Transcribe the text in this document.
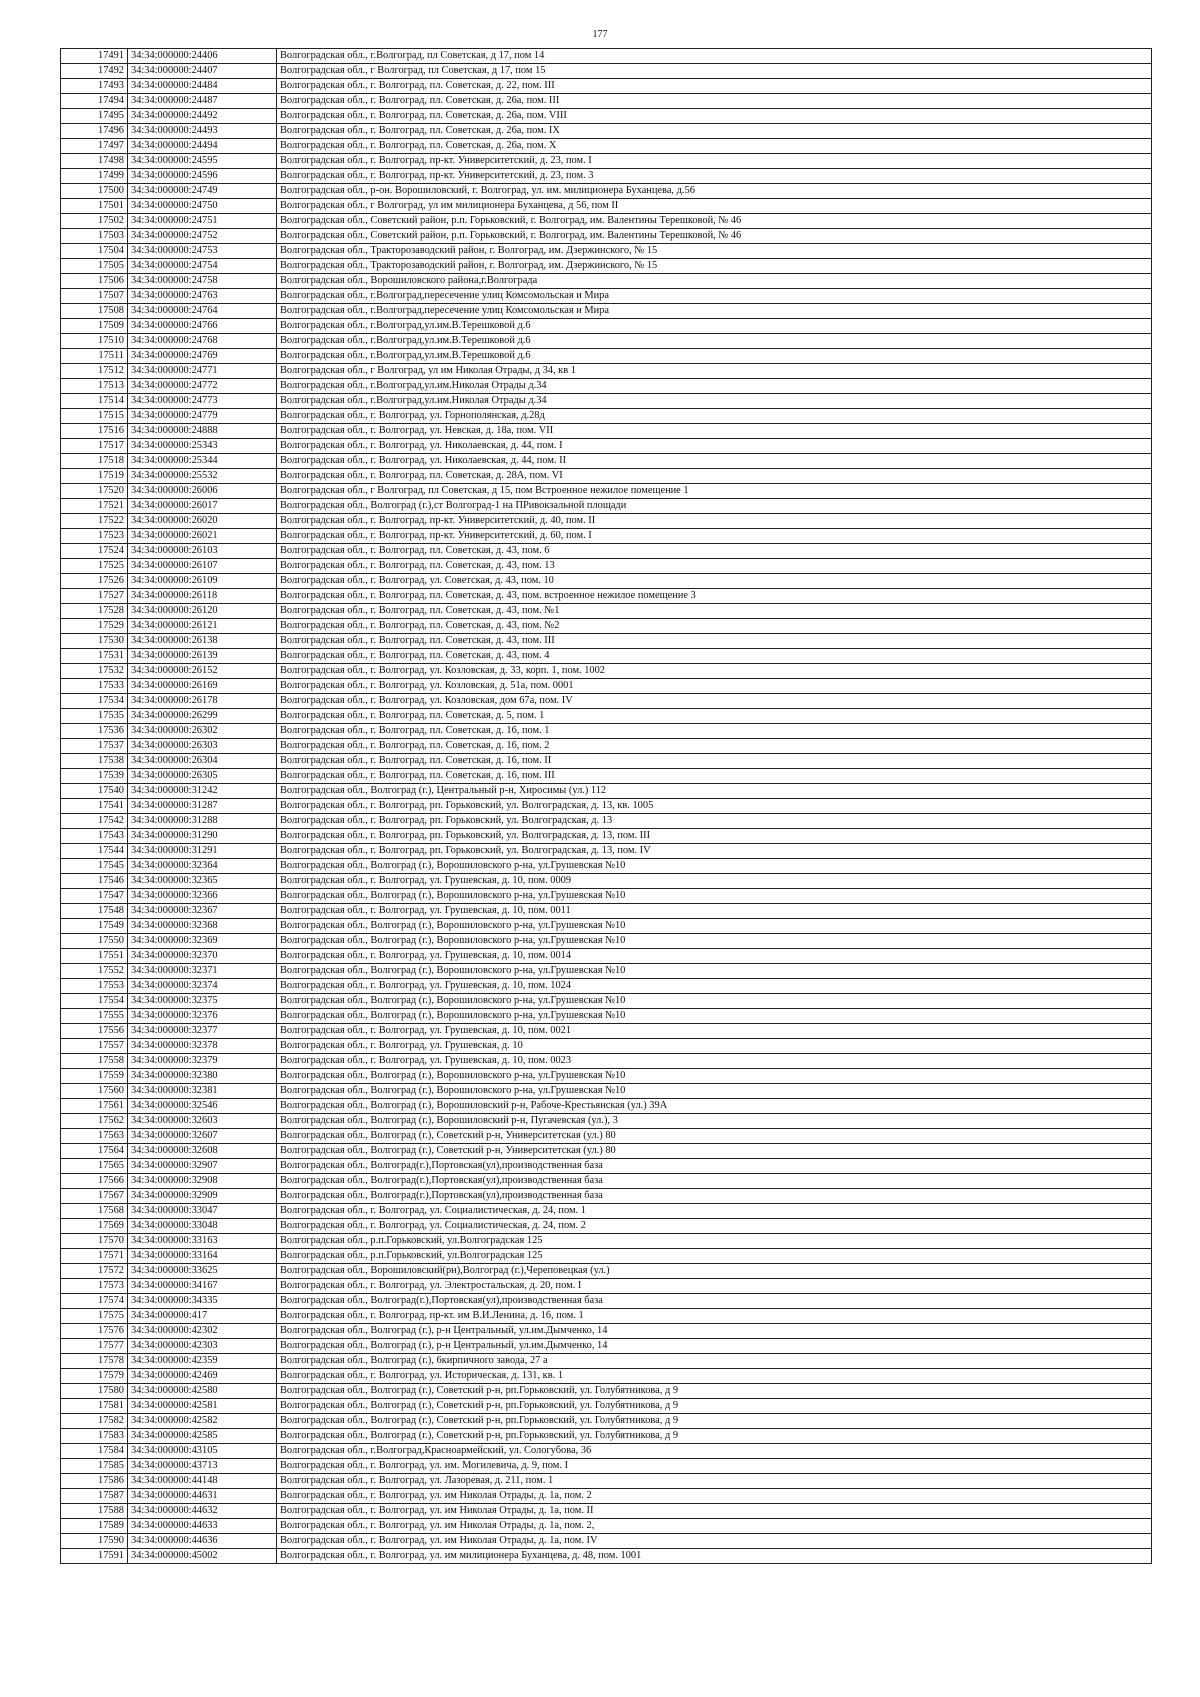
177
17491	34:34:000000:24406	Волгоградская обл., г.Волгоград, пл Советская, д 17, пом 14
17492	34:34:000000:24407	Волгоградская обл., г Волгоград, пл Советская, д 17, пом 15
17493	34:34:000000:24484	Волгоградская обл., г. Волгоград, пл. Советская, д. 22, пом. III
17494	34:34:000000:24487	Волгоградская обл., г. Волгоград, пл. Советская, д. 26а, пом. III
17495	34:34:000000:24492	Волгоградская обл., г. Волгоград, пл. Советская, д. 26а, пом. VIII
17496	34:34:000000:24493	Волгоградская обл., г. Волгоград, пл. Советская, д. 26а, пом. IX
17497	34:34:000000:24494	Волгоградская обл., г. Волгоград, пл. Советская, д. 26а, пом. X
17498	34:34:000000:24595	Волгоградская обл., г. Волгоград, пр-кт. Университетский, д. 23, пом. I
17499	34:34:000000:24596	Волгоградская обл., г. Волгоград, пр-кт. Университетский, д. 23, пом. 3
17500	34:34:000000:24749	Волгоградская обл., р-он. Ворошиловский, г. Волгоград, ул. им. милиционера Буханцева, д.56
17501	34:34:000000:24750	Волгоградская обл., г Волгоград, ул им милиционера Буханцева, д 56, пом II
17502	34:34:000000:24751	Волгоградская обл., Советский район, р.п. Горьковский, г. Волгоград, им. Валентины Терешковой, № 46
17503	34:34:000000:24752	Волгоградская обл., Советский район, р.п. Горьковский, г. Волгоград, им. Валентины Терешковой, № 46
17504	34:34:000000:24753	Волгоградская обл., Тракторозаводский район, г. Волгоград, им. Дзержинского, № 15
17505	34:34:000000:24754	Волгоградская обл., Тракторозаводский район, г. Волгоград, им. Дзержинского, № 15
17506	34:34:000000:24758	Волгоградская обл., Ворошиловского района,г.Волгограда
17507	34:34:000000:24763	Волгоградская обл., г.Волгоград,пересечение улиц Комсомольская и Мира
17508	34:34:000000:24764	Волгоградская обл., г.Волгоград,пересечение улиц Комсомольская и Мира
17509	34:34:000000:24766	Волгоградская обл., г.Волгоград,ул.им.В.Терешковой д.6
17510	34:34:000000:24768	Волгоградская обл., г.Волгоград,ул.им.В.Терешковой д.6
17511	34:34:000000:24769	Волгоградская обл., г.Волгоград,ул.им.В.Терешковой д.6
17512	34:34:000000:24771	Волгоградская обл., г Волгоград, ул им Николая Отрады, д 34, кв 1
17513	34:34:000000:24772	Волгоградская обл., г.Волгоград,ул.им.Николая Отрады д.34
17514	34:34:000000:24773	Волгоградская обл., г.Волгоград,ул.им.Николая Отрады д.34
17515	34:34:000000:24779	Волгоградская обл., г. Волгоград, ул. Горнополянская, д.28д
17516	34:34:000000:24888	Волгоградская обл., г. Волгоград, ул. Невская, д. 18а, пом. VII
17517	34:34:000000:25343	Волгоградская обл., г. Волгоград, ул. Николаевская, д. 44, пом. I
17518	34:34:000000:25344	Волгоградская обл., г. Волгоград, ул. Николаевская, д. 44, пом. II
17519	34:34:000000:25532	Волгоградская обл., г. Волгоград, пл. Советская, д. 28А, пом. VI
17520	34:34:000000:26006	Волгоградская обл., г Волгоград, пл Советская, д 15, пом Встроенное нежилое помещение 1
17521	34:34:000000:26017	Волгоградская обл., Волгоград (г.),ст Волгоград-1 на ПРивокзальной площади
17522	34:34:000000:26020	Волгоградская обл., г. Волгоград, пр-кт. Университетский, д. 40, пом. II
17523	34:34:000000:26021	Волгоградская обл., г. Волгоград, пр-кт. Университетский, д. 60, пом. I
17524	34:34:000000:26103	Волгоградская обл., г. Волгоград, пл. Советская, д. 43, пом. 6
17525	34:34:000000:26107	Волгоградская обл., г. Волгоград, пл. Советская, д. 43, пом. 13
17526	34:34:000000:26109	Волгоградская обл., г. Волгоград, ул. Советская, д. 43, пом. 10
17527	34:34:000000:26118	Волгоградская обл., г. Волгоград, пл. Советская, д. 43, пом. встроенное нежилое помещение 3
17528	34:34:000000:26120	Волгоградская обл., г. Волгоград, пл. Советская, д. 43, пом. №1
17529	34:34:000000:26121	Волгоградская обл., г. Волгоград, пл. Советская, д. 43, пом. №2
17530	34:34:000000:26138	Волгоградская обл., г. Волгоград, пл. Советская, д. 43, пом. III
17531	34:34:000000:26139	Волгоградская обл., г. Волгоград, пл. Советская, д. 43, пом. 4
17532	34:34:000000:26152	Волгоградская обл., г. Волгоград, ул. Козловская, д. 33, корп. 1, пом. 1002
17533	34:34:000000:26169	Волгоградская обл., г. Волгоград, ул. Козловская, д. 51а, пом. 0001
17534	34:34:000000:26178	Волгоградская обл., г. Волгоград, ул. Козловская, дом 67а, пом. IV
17535	34:34:000000:26299	Волгоградская обл., г. Волгоград, пл. Советская, д. 5, пом. 1
17536	34:34:000000:26302	Волгоградская обл., г. Волгоград, пл. Советская, д. 16, пом. 1
17537	34:34:000000:26303	Волгоградская обл., г. Волгоград, пл. Советская, д. 16, пом. 2
17538	34:34:000000:26304	Волгоградская обл., г. Волгоград, пл. Советская, д. 16, пом. II
17539	34:34:000000:26305	Волгоградская обл., г. Волгоград, пл. Советская, д. 16, пом. III
17540	34:34:000000:31242	Волгоградская обл., Волгоград (г.), Центральный р-н, Хиросимы (ул.) 112
17541	34:34:000000:31287	Волгоградская обл., г. Волгоград, рп. Горьковский, ул. Волгоградская, д. 13, кв. 1005
17542	34:34:000000:31288	Волгоградская обл., г. Волгоград, рп. Горьковский, ул. Волгоградская, д. 13
17543	34:34:000000:31290	Волгоградская обл., г. Волгоград, рп. Горьковский, ул. Волгоградская, д. 13, пом. III
17544	34:34:000000:31291	Волгоградская обл., г. Волгоград, рп. Горьковский, ул. Волгоградская, д. 13, пом. IV
17545	34:34:000000:32364	Волгоградская обл., Волгоград (г.), Ворошиловского р-на, ул.Грушевская №10
17546	34:34:000000:32365	Волгоградская обл., г. Волгоград, ул. Грушевская, д. 10, пом. 0009
17547	34:34:000000:32366	Волгоградская обл., Волгоград (г.), Ворошиловского р-на, ул.Грушевская №10
17548	34:34:000000:32367	Волгоградская обл., г. Волгоград, ул. Грушевская, д. 10, пом. 0011
17549	34:34:000000:32368	Волгоградская обл., Волгоград (г.), Ворошиловского р-на, ул.Грушевская №10
17550	34:34:000000:32369	Волгоградская обл., Волгоград (г.), Ворошиловского р-на, ул.Грушевская №10
17551	34:34:000000:32370	Волгоградская обл., г. Волгоград, ул. Грушевская, д. 10, пом. 0014
17552	34:34:000000:32371	Волгоградская обл., Волгоград (г.), Ворошиловского р-на, ул.Грушевская №10
17553	34:34:000000:32374	Волгоградская обл., г. Волгоград, ул. Грушевская, д. 10, пом. 1024
17554	34:34:000000:32375	Волгоградская обл., Волгоград (г.), Ворошиловского р-на, ул.Грушевская №10
17555	34:34:000000:32376	Волгоградская обл., Волгоград (г.), Ворошиловского р-на, ул.Грушевская №10
17556	34:34:000000:32377	Волгоградская обл., г. Волгоград, ул. Грушевская, д. 10, пом. 0021
17557	34:34:000000:32378	Волгоградская обл., г. Волгоград, ул. Грушевская, д. 10
17558	34:34:000000:32379	Волгоградская обл., г. Волгоград, ул. Грушевская, д. 10, пом. 0023
17559	34:34:000000:32380	Волгоградская обл., Волгоград (г.), Ворошиловского р-на, ул.Грушевская №10
17560	34:34:000000:32381	Волгоградская обл., Волгоград (г.), Ворошиловского р-на, ул.Грушевская №10
17561	34:34:000000:32546	Волгоградская обл., Волгоград (г.), Ворошиловский р-н, Рабоче-Крестьянская (ул.) 39А
17562	34:34:000000:32603	Волгоградская обл., Волгоград (г.), Ворошиловский р-н, Пугачевская (ул.), 3
17563	34:34:000000:32607	Волгоградская обл., Волгоград (г.), Советский р-н, Университетская (ул.) 80
17564	34:34:000000:32608	Волгоградская обл., Волгоград (г.), Советский р-н, Университетская (ул.) 80
17565	34:34:000000:32907	Волгоградская обл., Волгоград(г.),Портовская(ул),производственная база
17566	34:34:000000:32908	Волгоградская обл., Волгоград(г.),Портовская(ул),производственная база
17567	34:34:000000:32909	Волгоградская обл., Волгоград(г.),Портовская(ул),производственная база
17568	34:34:000000:33047	Волгоградская обл., г. Волгоград, ул. Социалистическая, д. 24, пом. 1
17569	34:34:000000:33048	Волгоградская обл., г. Волгоград, ул. Социалистическая, д. 24, пом. 2
17570	34:34:000000:33163	Волгоградская обл., р.п.Горьковский, ул.Волгоградская 125
17571	34:34:000000:33164	Волгоградская обл., р.п.Горьковский, ул.Волгоградская 125
17572	34:34:000000:33625	Волгоградская обл., Ворошиловский(рн),Волгоград (г.),Череповецкая (ул.)
17573	34:34:000000:34167	Волгоградская обл., г. Волгоград, ул. Электростальская, д. 20, пом. I
17574	34:34:000000:34335	Волгоградская обл., Волгоград(г.),Портовская(ул),производственная база
17575	34:34:000000:417	Волгоградская обл., г. Волгоград, пр-кт. им В.И.Ленина, д. 16, пом. 1
17576	34:34:000000:42302	Волгоградская обл., Волгоград (г.), р-н Центральный, ул.им.Дымченко, 14
17577	34:34:000000:42303	Волгоградская обл., Волгоград (г.), р-н Центральный, ул.им.Дымченко, 14
17578	34:34:000000:42359	Волгоградская обл., Волгоград (г.), 6кирпичного завода, 27 а
17579	34:34:000000:42469	Волгоградская обл., г. Волгоград, ул. Историческая, д. 131, кв. 1
17580	34:34:000000:42580	Волгоградская обл., Волгоград (г.), Советский р-н, рп.Горьковский, ул. Голубятникова, д 9
17581	34:34:000000:42581	Волгоградская обл., Волгоград (г.), Советский р-н, рп.Горьковский, ул. Голубятникова, д 9
17582	34:34:000000:42582	Волгоградская обл., Волгоград (г.), Советский р-н, рп.Горьковский, ул. Голубятникова, д 9
17583	34:34:000000:42585	Волгоградская обл., Волгоград (г.), Советский р-н, рп.Горьковский, ул. Голубятникова, д 9
17584	34:34:000000:43105	Волгоградская обл., г.Волгоград,Красноармейский, ул. Сологубова, 36
17585	34:34:000000:43713	Волгоградская обл., г. Волгоград, ул. им. Могилевича, д. 9, пом. I
17586	34:34:000000:44148	Волгоградская обл., г. Волгоград, ул. Лазоревая, д. 211, пом. 1
17587	34:34:000000:44631	Волгоградская обл., г. Волгоград, ул. им Николая Отрады, д. 1а, пом. 2
17588	34:34:000000:44632	Волгоградская обл., г. Волгоград, ул. им Николая Отрады, д. 1а, пом. II
17589	34:34:000000:44633	Волгоградская обл., г. Волгоград, ул. им Николая Отрады, д. 1а, пом. 2,
17590	34:34:000000:44636	Волгоградская обл., г. Волгоград, ул. им Николая Отрады, д. 1а, пом. IV
17591	34:34:000000:45002	Волгоградская обл., г. Волгоград, ул. им милиционера Буханцева, д. 48, пом. 1001
